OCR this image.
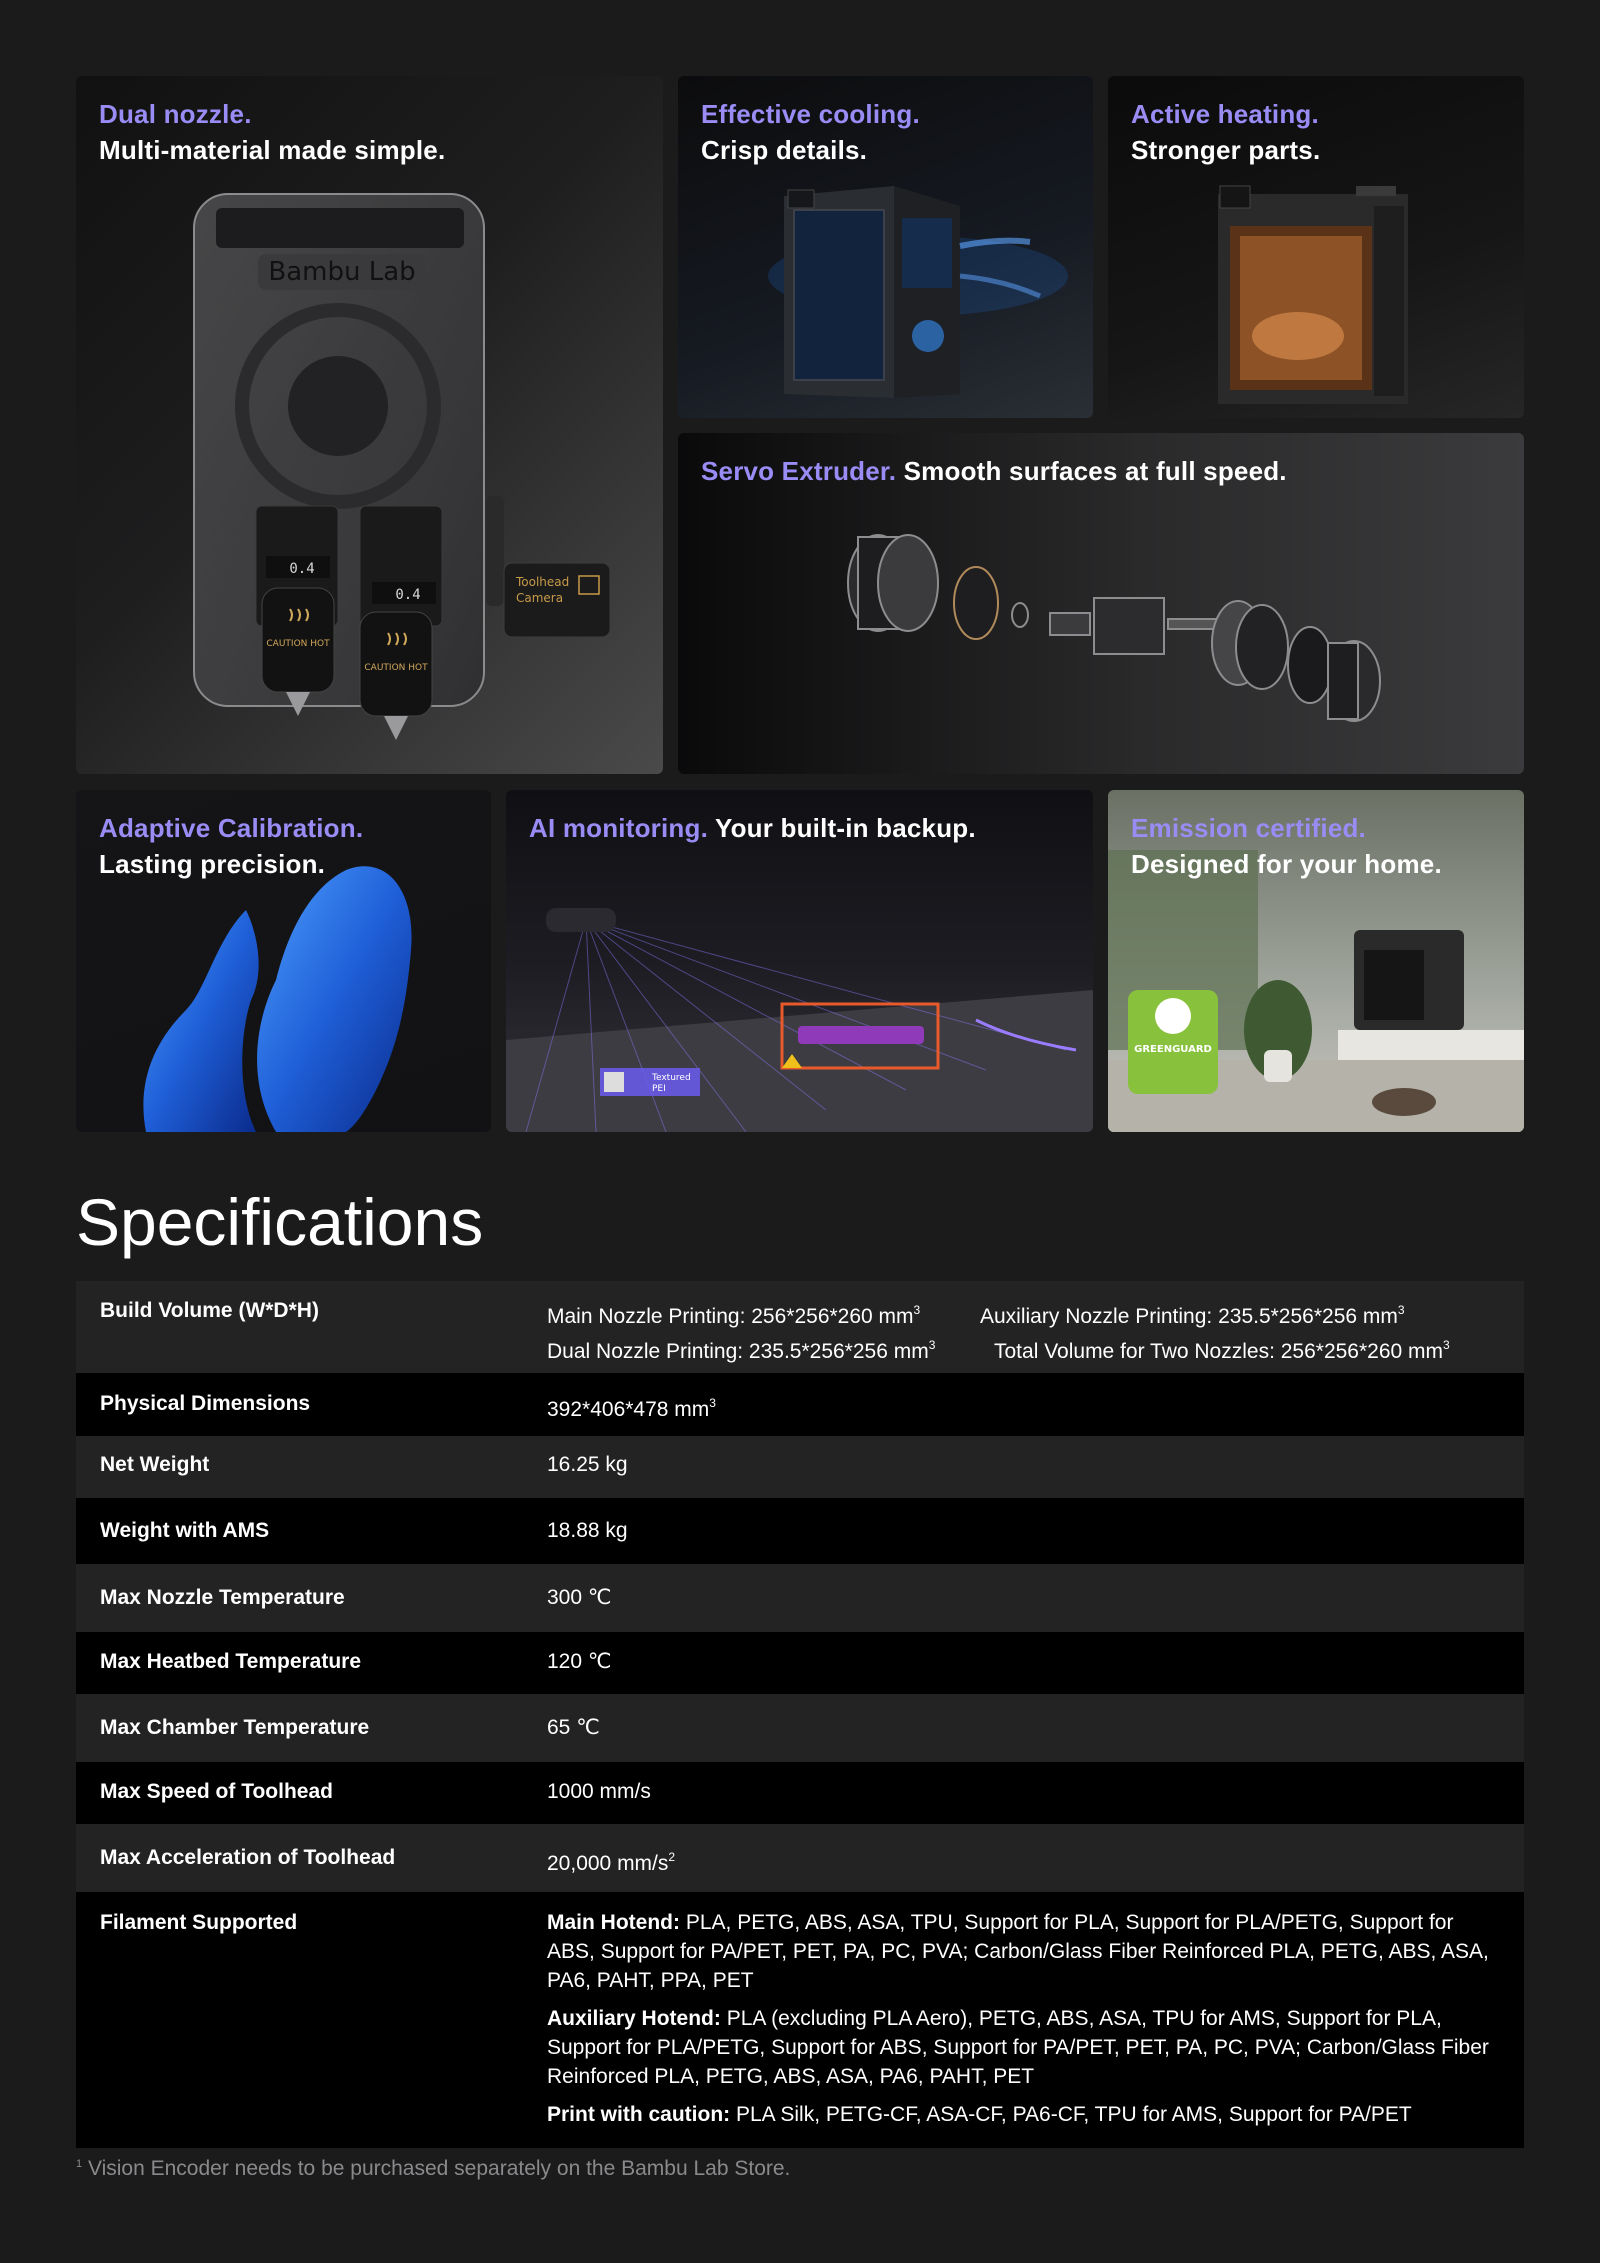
Bambu Lab
0.4
0.4
CAUTION HOT
CAUTION HOT
Toolhead
Camera
Dual nozzle.
Multi-material made simple.
Effective cooling.
Crisp details.
Active heating.
Stronger parts.
Servo Extruder. Smooth surfaces at full speed.
Adaptive Calibration.
Lasting precision.
Textured
PEI
AI monitoring. Your built-in backup.
GREENGUARD
Emission certified.
Designed for your home.
Specifications
Build Volume (W*D*H)	Main Nozzle Printing: 256*256*260 $mm^3$	Auxiliary Nozzle Printing: 235.5*256*256 $mm^3$
Dual Nozzle Printing: 235.5*256*256 $mm^3$	Total Volume for Two Nozzles: 256*256*260 $mm^3$
Physical Dimensions	392*406*478 $mm^3$
Net Weight	16.25 kg
Weight with AMS	18.88 kg
Max Nozzle Temperature	300 ℃
Max Heatbed Temperature	120 ℃
Max Chamber Temperature	65 ℃
Max Speed of Toolhead	1000 mm/s
Max Acceleration of Toolhead	20,000 $mm/s^2$
Filament Supported	Main Hotend: PLA, PETG, ABS, ASA, TPU, Support for PLA, Support for PLA/PETG, Support for ABS, Support for PA/PET, PET, PA, PC, PVA; Carbon/Glass Fiber Reinforced PLA, PETG, ABS, ASA, PA6, PAHT, PPA, PET

Auxiliary Hotend: PLA (excluding PLA Aero), PETG, ABS, ASA, TPU for AMS, Support for PLA, Support for PLA/PETG, Support for ABS, Support for PA/PET, PET, PA, PC, PVA; Carbon/Glass Fiber Reinforced PLA, PETG, ABS, ASA, PA6, PAHT, PET

Print with caution: PLA Silk, PETG-CF, ASA-CF, PA6-CF, TPU for AMS, Support for PA/PET

$^1$ Vision Encoder needs to be purchased separately on the Bambu Lab Store.
